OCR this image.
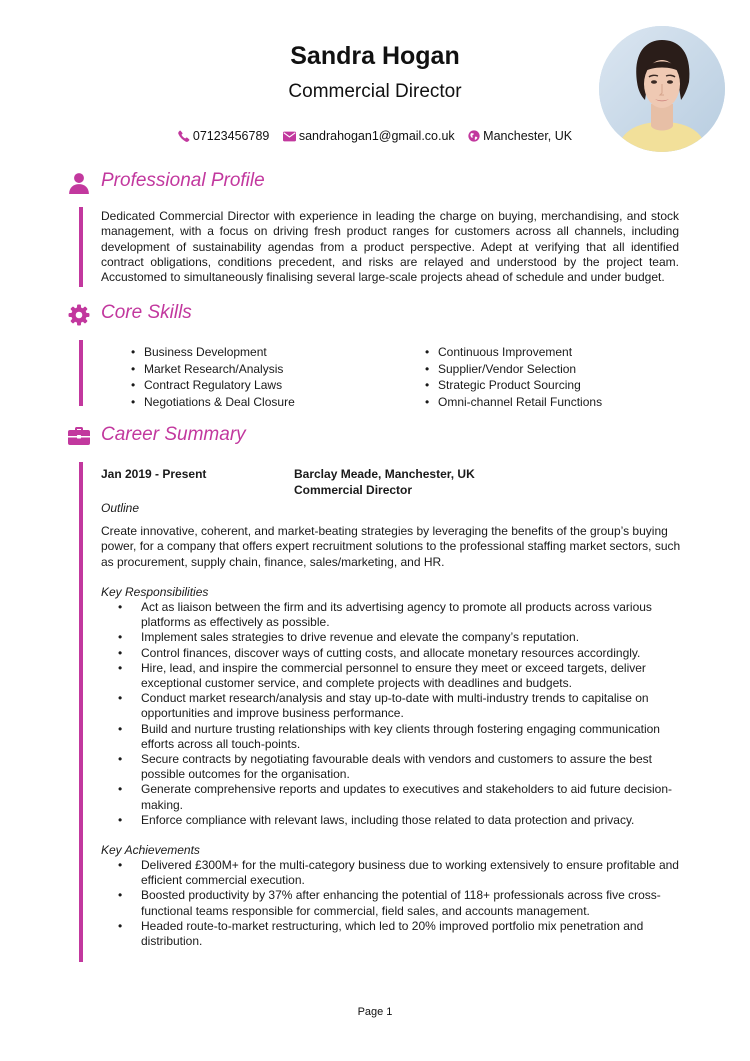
Sandra Hogan
Commercial Director
07123456789 sandrahogan1@gmail.co.uk Manchester, UK
Professional Profile
Dedicated Commercial Director with experience in leading the charge on buying, merchandising, and stock management, with a focus on driving fresh product ranges for customers across all channels, including development of sustainability agendas from a product perspective. Adept at verifying that all identified contract obligations, conditions precedent, and risks are relayed and understood by the project team. Accustomed to simultaneously finalising several large-scale projects ahead of schedule and under budget.
Core Skills
• Business Development
• Market Research/Analysis
• Contract Regulatory Laws
• Negotiations & Deal Closure
• Continuous Improvement
• Supplier/Vendor Selection
• Strategic Product Sourcing
• Omni-channel Retail Functions
Career Summary
Jan 2019 - Present	Barclay Meade, Manchester, UK
Commercial Director
Outline
Create innovative, coherent, and market-beating strategies by leveraging the benefits of the group’s buying power, for a company that offers expert recruitment solutions to the professional staffing market sectors, such as procurement, supply chain, finance, sales/marketing, and HR.
Key Responsibilities
• Act as liaison between the firm and its advertising agency to promote all products across various platforms as effectively as possible.
• Implement sales strategies to drive revenue and elevate the company’s reputation.
• Control finances, discover ways of cutting costs, and allocate monetary resources accordingly.
• Hire, lead, and inspire the commercial personnel to ensure they meet or exceed targets, deliver exceptional customer service, and complete projects with deadlines and budgets.
• Conduct market research/analysis and stay up-to-date with multi-industry trends to capitalise on opportunities and improve business performance.
• Build and nurture trusting relationships with key clients through fostering engaging communication efforts across all touch-points.
• Secure contracts by negotiating favourable deals with vendors and customers to assure the best possible outcomes for the organisation.
• Generate comprehensive reports and updates to executives and stakeholders to aid future decision-making.
• Enforce compliance with relevant laws, including those related to data protection and privacy.
Key Achievements
• Delivered £300M+ for the multi-category business due to working extensively to ensure profitable and efficient commercial execution.
• Boosted productivity by 37% after enhancing the potential of 118+ professionals across five cross-functional teams responsible for commercial, field sales, and accounts management.
• Headed route-to-market restructuring, which led to 20% improved portfolio mix penetration and distribution.
Page 1
